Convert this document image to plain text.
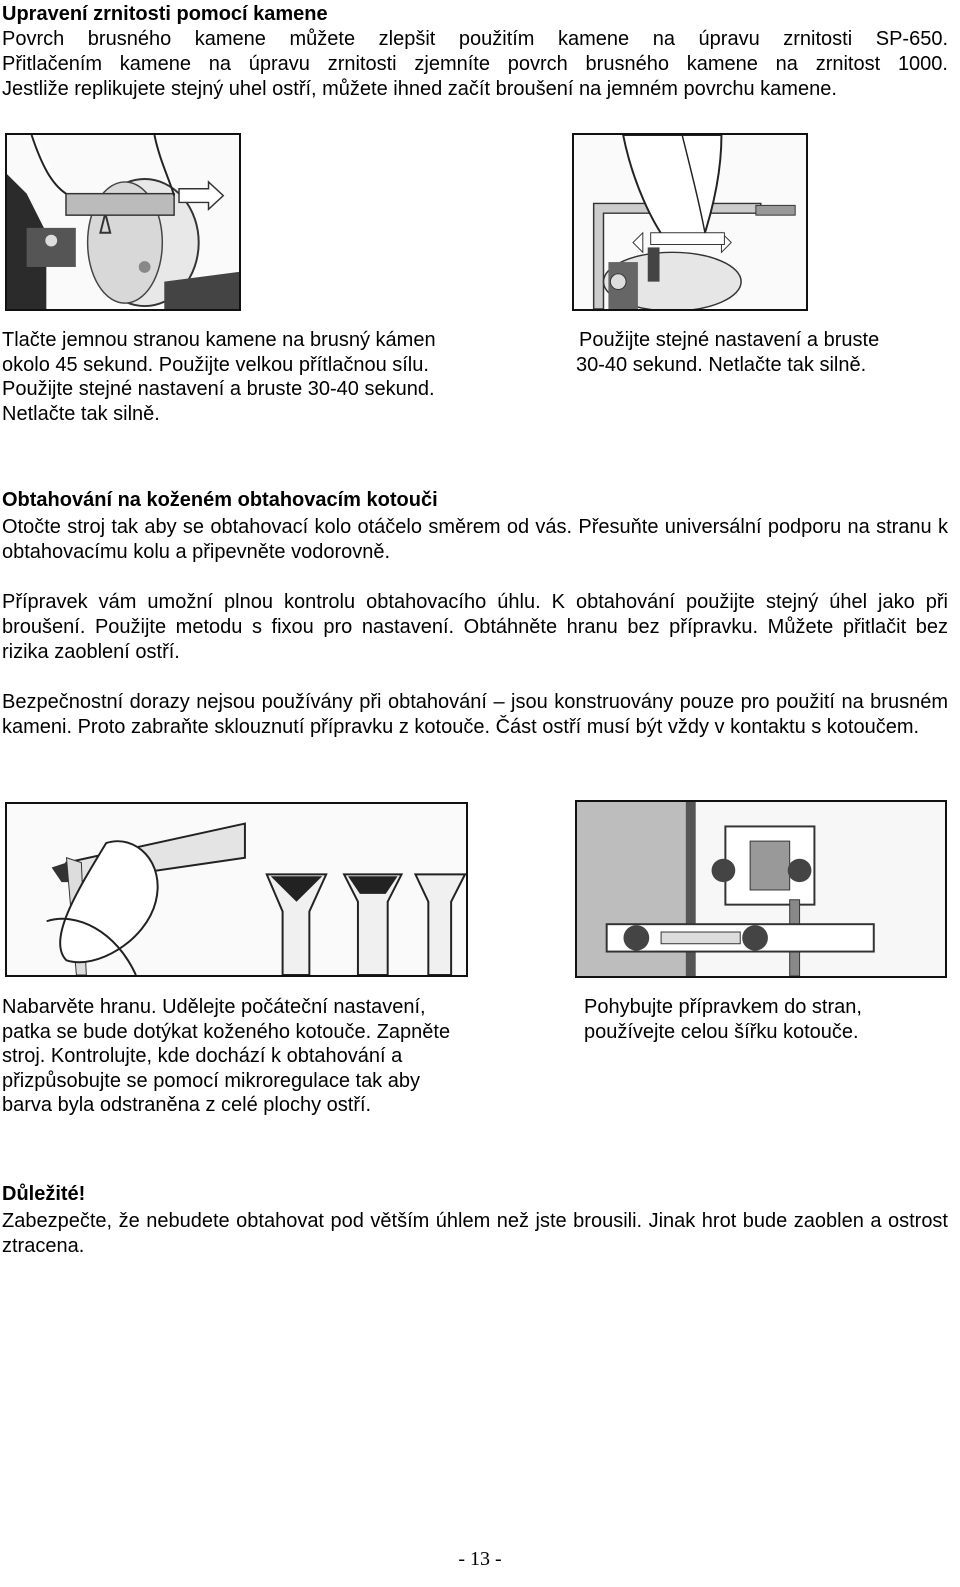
Upravení zrnitosti pomocí kamene
Povrch brusného kamene můžete zlepšit použitím kamene na úpravu zrnitosti SP-650.
Přitlačením kamene na úpravu zrnitosti zjemníte povrch brusného kamene na zrnitost 1000.
Jestliže replikujete stejný uhel ostří, můžete ihned začít broušení na jemném povrchu kamene.
Tlačte jemnou stranou kamene na brusný kámen
okolo 45 sekund. Použijte velkou přítlačnou sílu.
Použijte stejné nastavení a bruste 30-40 sekund.
Netlačte tak silně.
Použijte stejné nastavení a bruste
30-40 sekund. Netlačte tak silně.
Obtahování na koženém obtahovacím kotouči
Otočte stroj tak aby se obtahovací kolo otáčelo směrem od vás. Přesuňte universální podporu na stranu k obtahovacímu kolu a připevněte vodorovně.
Přípravek vám umožní plnou kontrolu obtahovacího úhlu. K obtahování použijte stejný úhel jako při broušení. Použijte metodu s fixou pro nastavení. Obtáhněte hranu bez přípravku. Můžete přitlačit bez rizika zaoblení ostří.
Bezpečnostní dorazy nejsou používány při obtahování – jsou konstruovány pouze pro použití na brusném kameni. Proto zabraňte sklouznutí přípravku z kotouče. Část ostří musí být vždy v kontaktu s kotoučem.
Nabarvěte hranu. Udělejte počáteční nastavení,
patka se bude dotýkat koženého kotouče. Zapněte
stroj. Kontrolujte, kde dochází k obtahování a
přizpůsobujte se pomocí mikroregulace tak aby
barva byla odstraněna z celé plochy ostří.
Pohybujte přípravkem do stran,
používejte celou šířku kotouče.
Důležité!
Zabezpečte, že nebudete obtahovat pod větším úhlem než jste brousili. Jinak hrot bude zaoblen a ostrost ztracena.
- 13 -
